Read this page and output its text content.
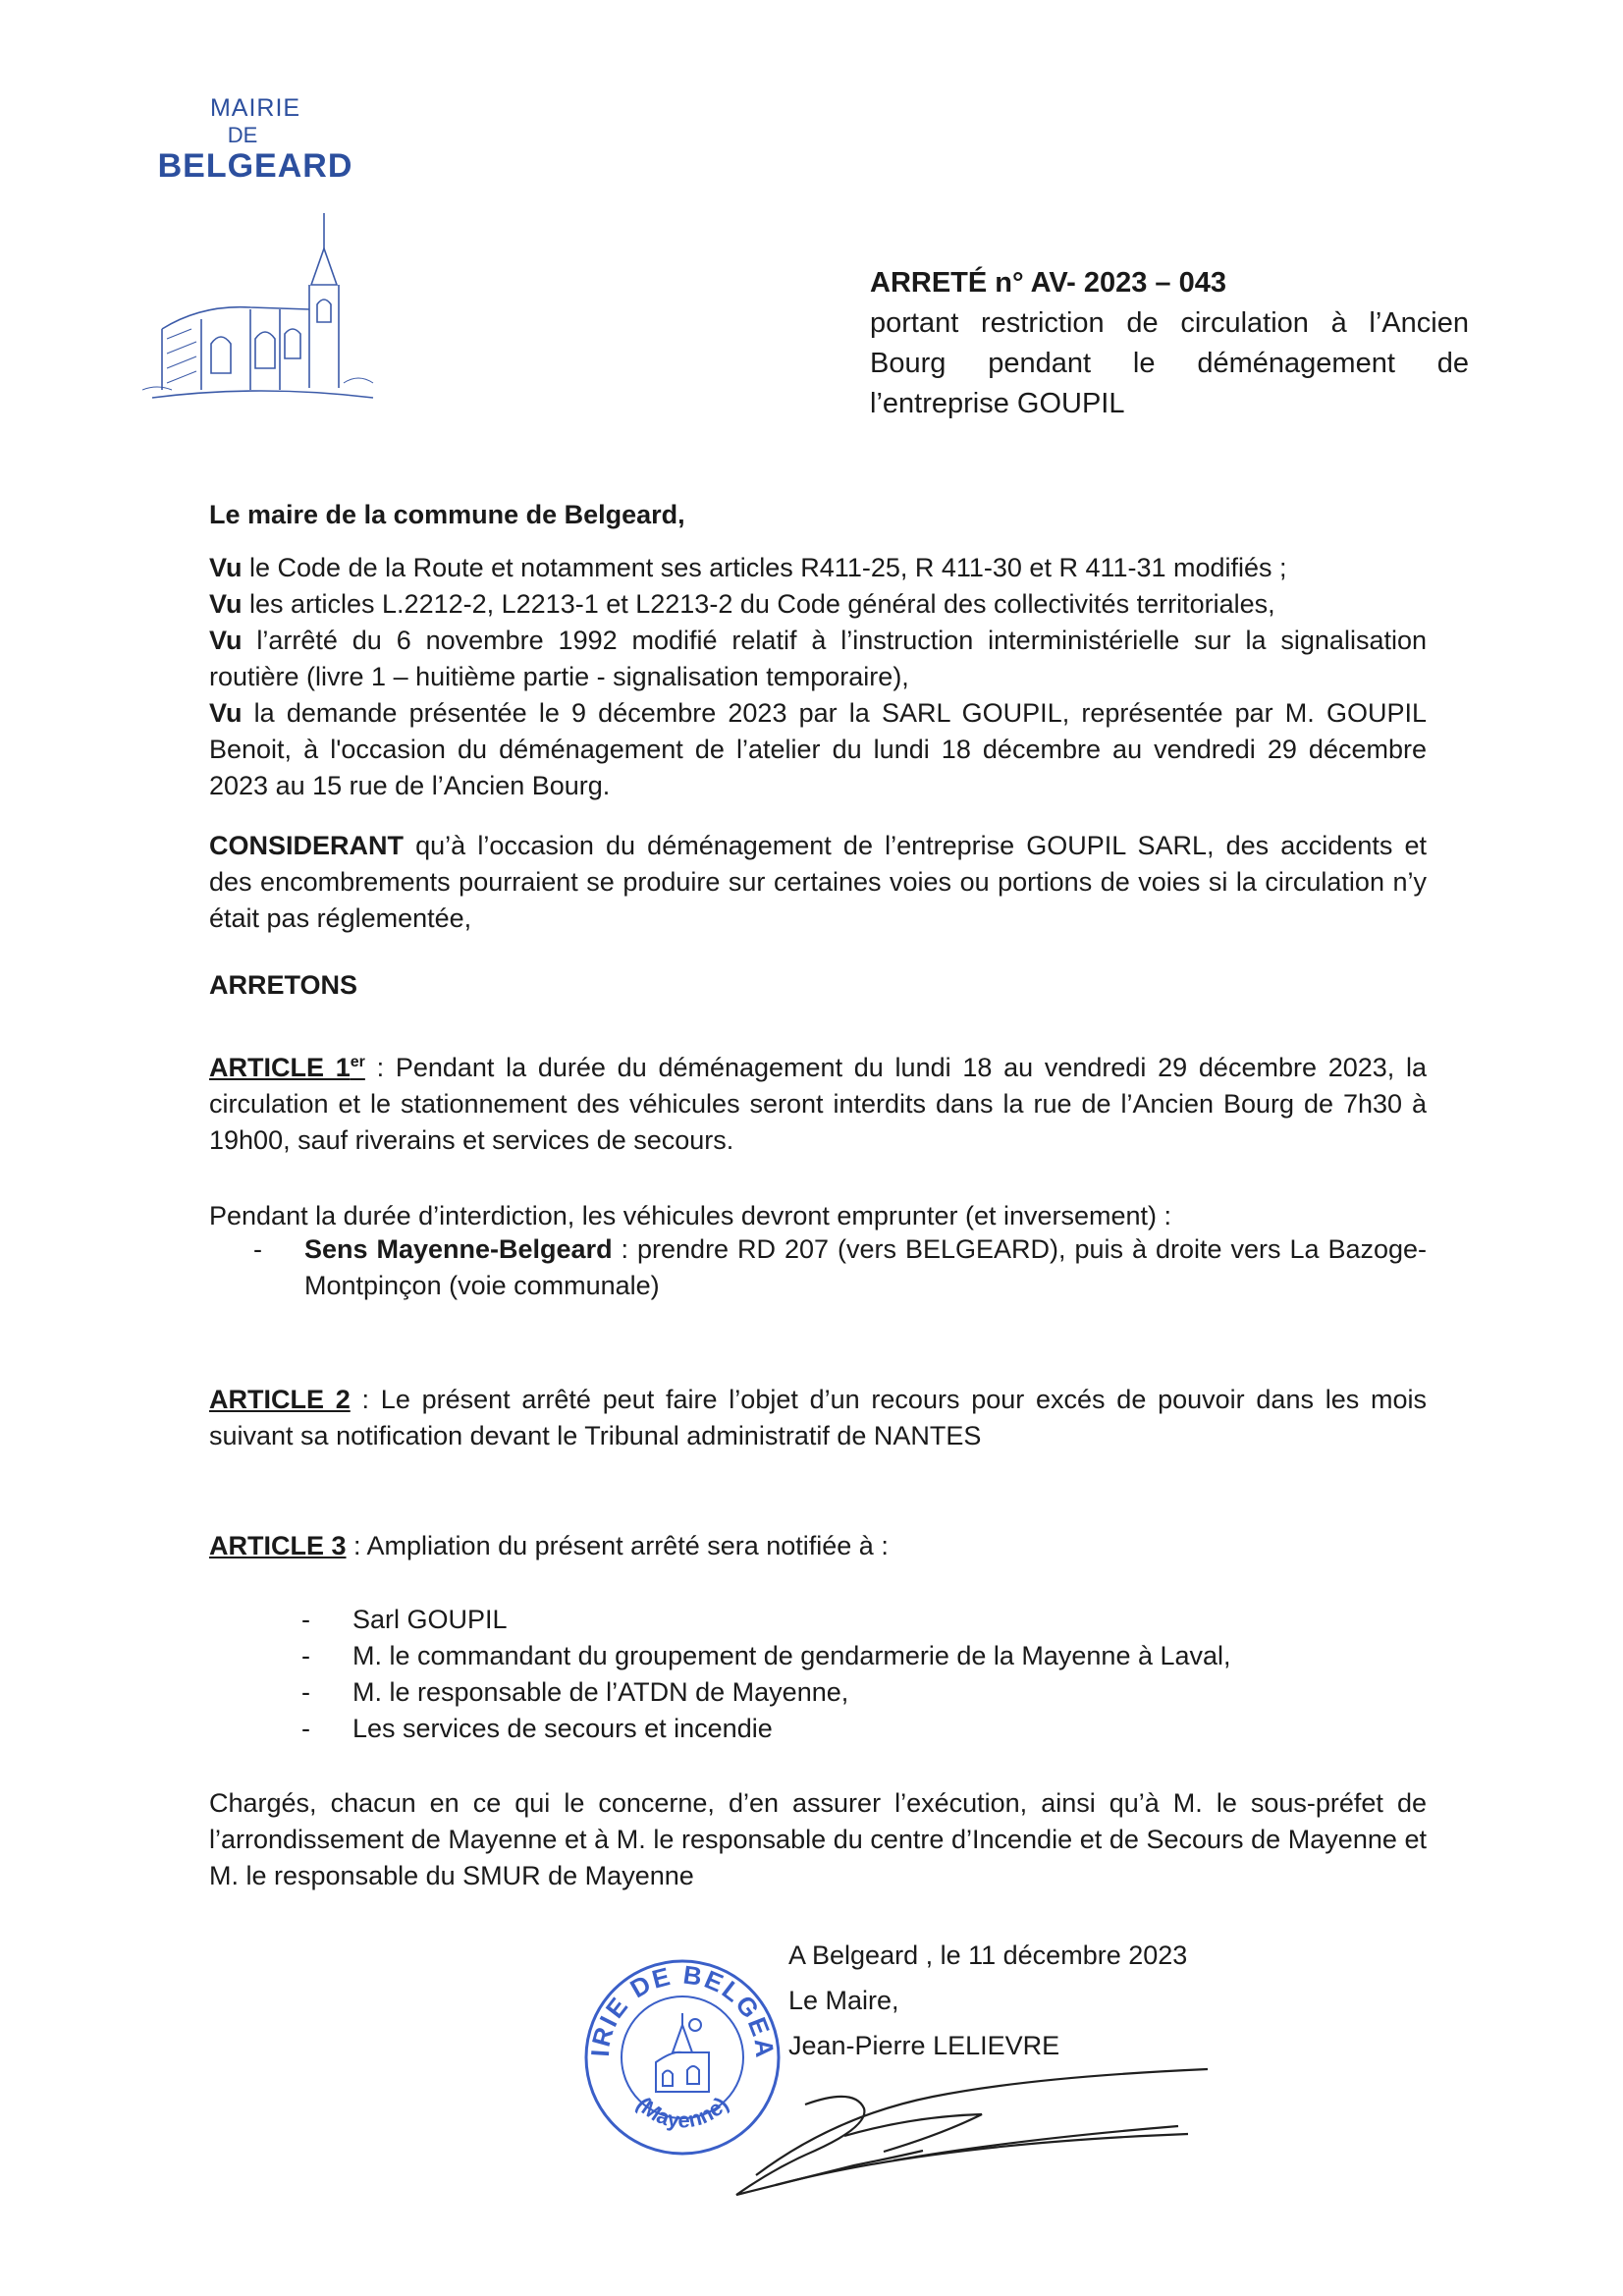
MAIRIE
DE
BELGEARD
ARRETÉ n° AV- 2023 – 043
portant restriction de circulation à l’Ancien Bourg pendant le déménagement de l’entreprise GOUPIL
Le maire de la commune de Belgeard,

Vu le Code de la Route et notamment ses articles R411-25, R 411-30 et R 411-31 modifiés ;

Vu les articles L.2212-2, L2213-1 et L2213-2 du Code général des collectivités territoriales,

Vu l’arrêté du 6 novembre 1992 modifié relatif à l’instruction interministérielle sur la signalisation routière (livre 1 – huitième partie - signalisation temporaire),

Vu la demande présentée le 9 décembre 2023 par la SARL GOUPIL, représentée par M. GOUPIL Benoit, à l'occasion du déménagement de l’atelier du lundi 18 décembre au vendredi 29 décembre 2023 au 15 rue de l’Ancien Bourg.

CONSIDERANT qu’à l’occasion du déménagement de l’entreprise GOUPIL SARL, des accidents et des encombrements pourraient se produire sur certaines voies ou portions de voies si la circulation n’y était pas réglementée,
ARRETONS
ARTICLE 1er : Pendant la durée du déménagement du lundi 18 au vendredi 29 décembre 2023, la circulation et le stationnement des véhicules seront interdits dans la rue de l’Ancien Bourg de 7h30 à 19h00, sauf riverains et services de secours.
Pendant la durée d’interdiction, les véhicules devront emprunter (et inversement) :
- Sens Mayenne-Belgeard : prendre RD 207 (vers BELGEARD), puis à droite vers La Bazoge-Montpinçon (voie communale)
ARTICLE 2 : Le présent arrêté peut faire l’objet d’un recours pour excés de pouvoir dans les mois suivant sa notification devant le Tribunal administratif de NANTES
ARTICLE 3 : Ampliation du présent arrêté sera notifiée à :
- Sarl GOUPIL
- M. le commandant du groupement de gendarmerie de la Mayenne à Laval,
- M. le responsable de l’ATDN de Mayenne,
- Les services de secours et incendie
Chargés, chacun en ce qui le concerne, d’en assurer l’exécution, ainsi qu’à M. le sous-préfet de l’arrondissement de Mayenne et à M. le responsable du centre d’Incendie et de Secours de Mayenne et M. le responsable du SMUR de Mayenne
IRIE DE BELGEA
(Mayenne)
A Belgeard , le 11 décembre 2023
Le Maire,
Jean-Pierre LELIEVRE
